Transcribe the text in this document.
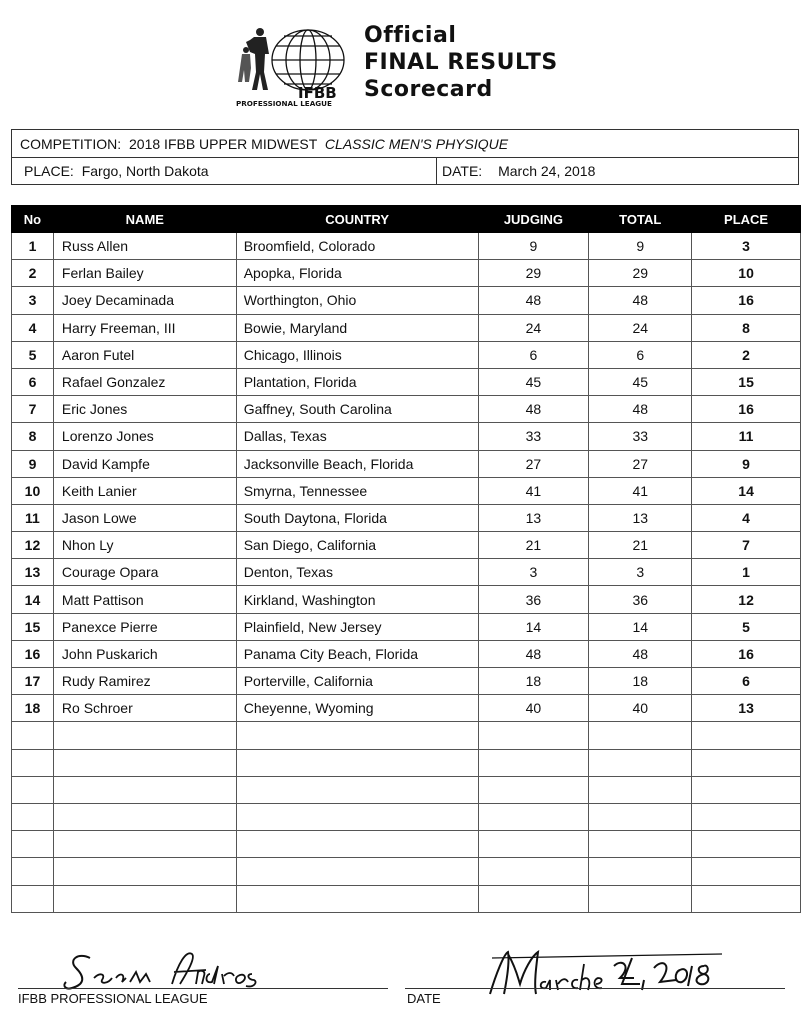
IFBB
PROFESSIONAL LEAGUE
Official
FINAL RESULTS
Scorecard
COMPETITION: 2018 IFBB UPPER MIDWEST CLASSIC MEN'S PHYSIQUE
PLACE: Fargo, North Dakota	DATE: March 24, 2018
No	NAME	COUNTRY	JUDGING	TOTAL	PLACE
1	Russ Allen	Broomfield, Colorado	9	9	3
2	Ferlan Bailey	Apopka, Florida	29	29	10
3	Joey Decaminada	Worthington, Ohio	48	48	16
4	Harry Freeman, III	Bowie, Maryland	24	24	8
5	Aaron Futel	Chicago, Illinois	6	6	2
6	Rafael Gonzalez	Plantation, Florida	45	45	15
7	Eric Jones	Gaffney, South Carolina	48	48	16
8	Lorenzo Jones	Dallas, Texas	33	33	11
9	David Kampfe	Jacksonville Beach, Florida	27	27	9
10	Keith Lanier	Smyrna, Tennessee	41	41	14
11	Jason Lowe	South Daytona, Florida	13	13	4
12	Nhon Ly	San Diego, California	21	21	7
13	Courage Opara	Denton, Texas	3	3	1
14	Matt Pattison	Kirkland, Washington	36	36	12
15	Panexce Pierre	Plainfield, New Jersey	14	14	5
16	John Puskarich	Panama City Beach, Florida	48	48	16
17	Rudy Ramirez	Porterville, California	18	18	6
18	Ro Schroer	Cheyenne, Wyoming	40	40	13

IFBB PROFESSIONAL LEAGUE	DATE
